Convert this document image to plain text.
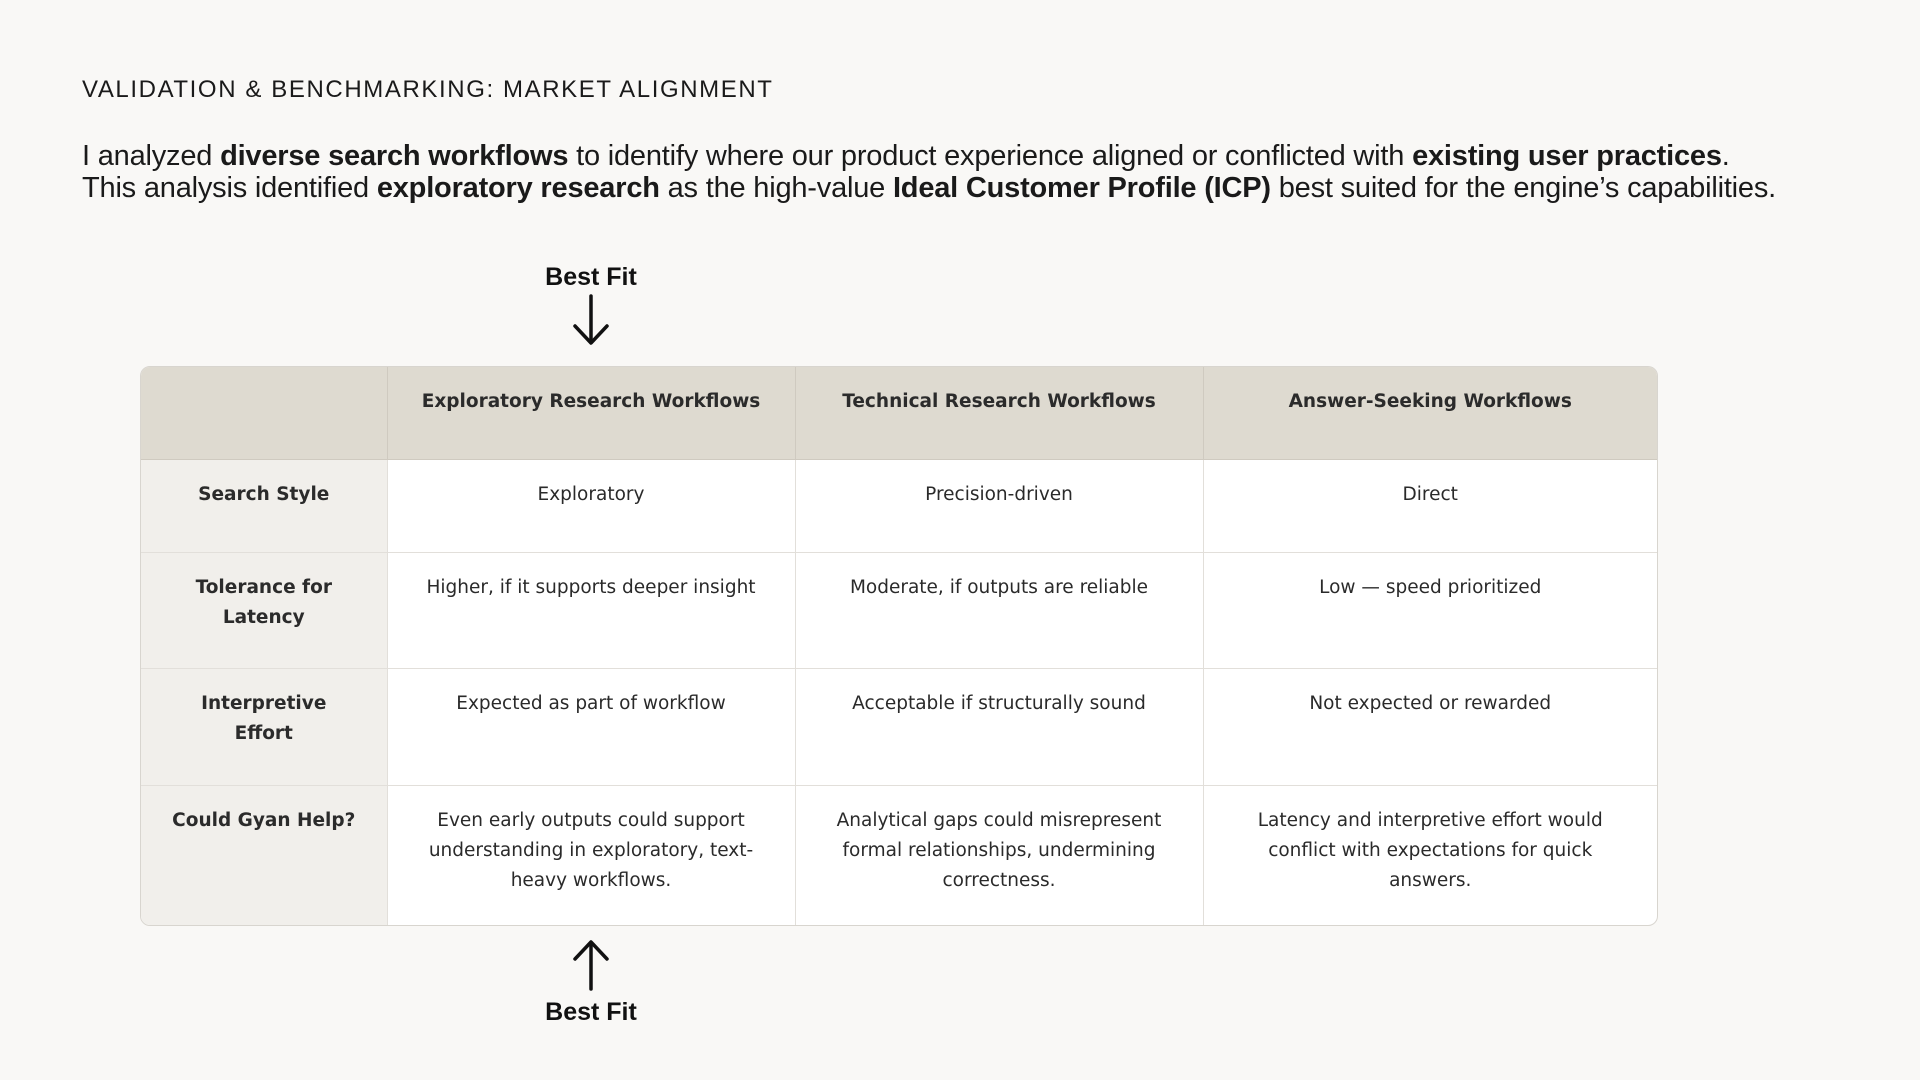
VALIDATION & BENCHMARKING: MARKET ALIGNMENT

I analyzed diverse search workflows to identify where our product experience aligned or conflicted with existing user practices. This analysis identified exploratory research as the high-value Ideal Customer Profile (ICP) best suited for the engine’s capabilities.

Best Fit
	Exploratory Research Workflows	Technical Research Workflows	Answer-Seeking Workflows
Search Style	Exploratory	Precision-driven	Direct
Tolerance for Latency	Higher, if it supports deeper insight	Moderate, if outputs are reliable	Low — speed prioritized
Interpretive Effort	Expected as part of workflow	Acceptable if structurally sound	Not expected or rewarded
Could Gyan Help?	Even early outputs could support understanding in exploratory, text-heavy workflows.	Analytical gaps could misrepresent formal relationships, undermining correctness.	Latency and interpretive effort would conflict with expectations for quick answers.
Best Fit
